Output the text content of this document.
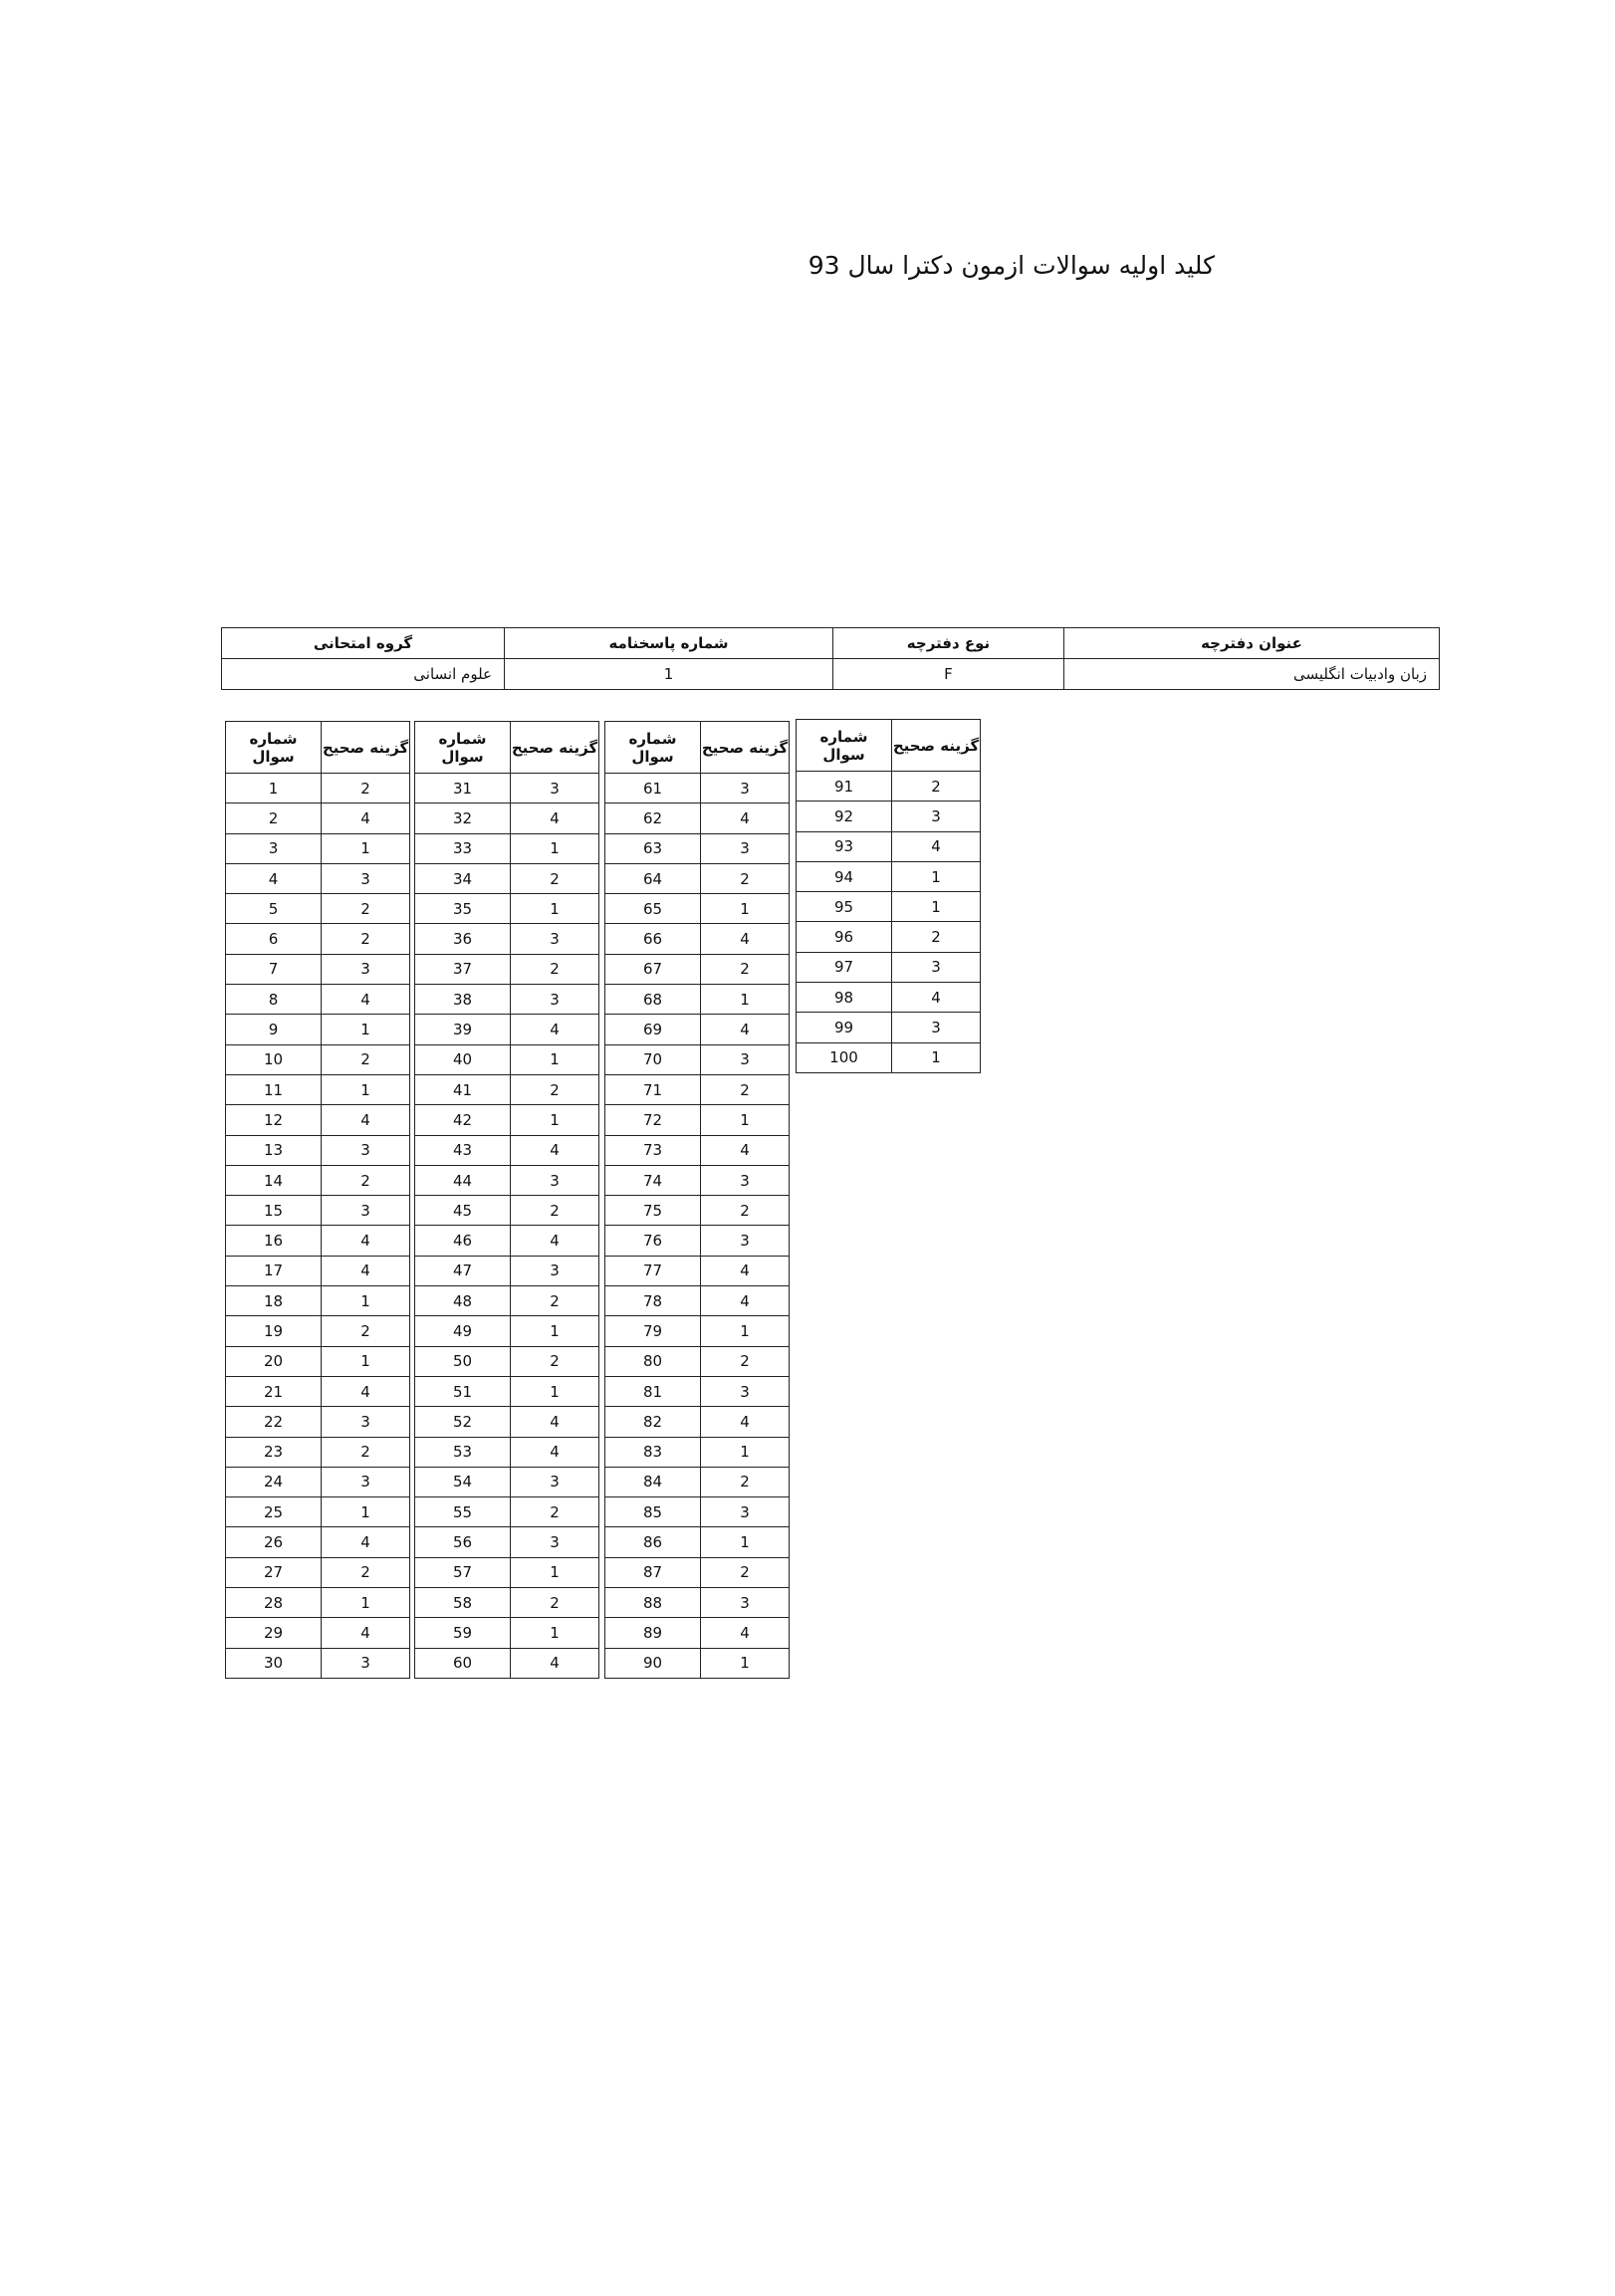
کلید اولیه سوالات ازمون دکترا سال 93
عنوان دفترچه	نوع دفترچه	شماره پاسخنامه	گروه امتحانی
زبان وادبیات انگلیسی	F	1	علوم انسانی
شماره سوال	گزینه صحیح
1	2
2	4
3	1
4	3
5	2
6	2
7	3
8	4
9	1
10	2
11	1
12	4
13	3
14	2
15	3
16	4
17	4
18	1
19	2
20	1
21	4
22	3
23	2
24	3
25	1
26	4
27	2
28	1
29	4
30	3
شماره سوال	گزینه صحیح
31	3
32	4
33	1
34	2
35	1
36	3
37	2
38	3
39	4
40	1
41	2
42	1
43	4
44	3
45	2
46	4
47	3
48	2
49	1
50	2
51	1
52	4
53	4
54	3
55	2
56	3
57	1
58	2
59	1
60	4
شماره سوال	گزینه صحیح
61	3
62	4
63	3
64	2
65	1
66	4
67	2
68	1
69	4
70	3
71	2
72	1
73	4
74	3
75	2
76	3
77	4
78	4
79	1
80	2
81	3
82	4
83	1
84	2
85	3
86	1
87	2
88	3
89	4
90	1
شماره سوال	گزینه صحیح
91	2
92	3
93	4
94	1
95	1
96	2
97	3
98	4
99	3
100	1
